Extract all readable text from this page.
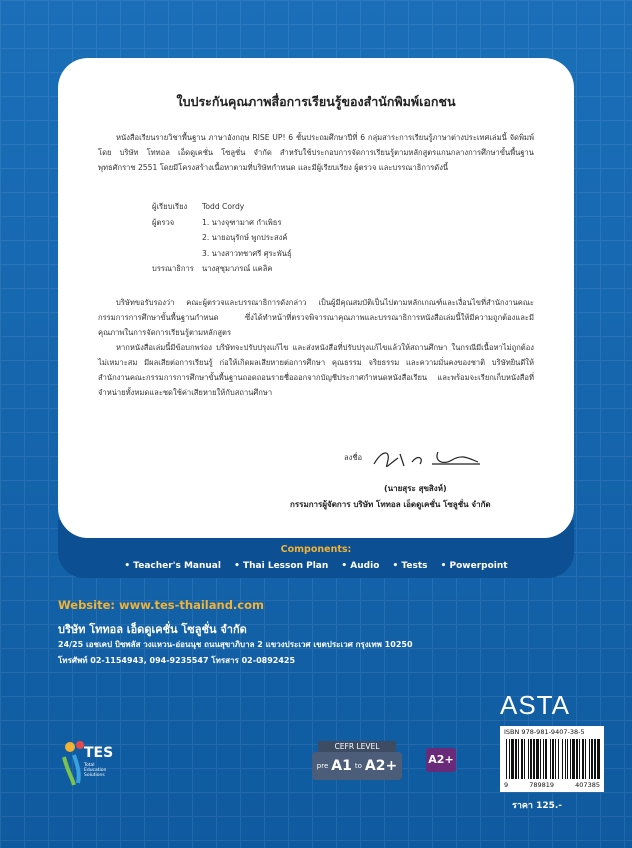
ใบประกันคุณภาพสื่อการเรียนรู้ของสำนักพิมพ์เอกชน

หนังสือเรียนรายวิชาพื้นฐาน ภาษาอังกฤษ RISE UP! 6 ชั้นประถมศึกษาปีที่ 6 กลุ่มสาระการเรียนรู้ภาษาต่างประเทศเล่มนี้ จัดพิมพ์โดย บริษัท โททอล เอ็ดดูเคชั่น โซลูชั่น จำกัด สำหรับใช้ประกอบการจัดการเรียนรู้ตามหลักสูตรแกนกลางการศึกษาขั้นพื้นฐาน พุทธศักราช 2551 โดยมีโครงสร้างเนื้อหาตามที่บริษัทกำหนด และมีผู้เรียบเรียง ผู้ตรวจ และบรรณาธิการดังนี้

ผู้เรียบเรียง	Todd Cordy
ผู้ตรวจ	1. นางจุฑามาศ กำเพิธร
2. นายอนุรักษ์ พูกประสงค์
3. นางสาวทชาศรี ศุระพันธุ์
บรรณาธิการ	นางสุชุมาภรณ์ แคลิค

บริษัทขอรับรองว่า คณะผู้ตรวจและบรรณาธิการดังกล่าว เป็นผู้มีคุณสมบัติเป็นไปตามหลักเกณฑ์และเงื่อนไขที่สำนักงานคณะกรรมการการศึกษาขั้นพื้นฐานกำหนด ซึ่งได้ทำหน้าที่ตรวจพิจารณาคุณภาพและบรรณาธิการหนังสือเล่มนี้ให้มีความถูกต้องและมีคุณภาพในการจัดการเรียนรู้ตามหลักสูตร

หากหนังสือเล่มนี้มีข้อบกพร่อง บริษัทจะปรับปรุงแก้ไข และส่งหนังสือที่ปรับปรุงแก้ไขแล้วให้สถานศึกษา ในกรณีมีเนื้อหาไม่ถูกต้อง ไม่เหมาะสม มีผลเสียต่อการเรียนรู้ ก่อให้เกิดผลเสียหายต่อการศึกษา คุณธรรม จริยธรรม และความมั่นคงของชาติ บริษัทยินดีให้สำนักงานคณะกรรมการการศึกษาขั้นพื้นฐานถอดถอนรายชื่อออกจากบัญชีประกาศกำหนดหนังสือเรียน และพร้อมจะเรียกเก็บหนังสือที่จำหน่ายทั้งหมดและชดใช้ค่าเสียหายให้กับสถานศึกษา

ลงชื่อ
(นายสุระ สุขสิงห์)
กรรมการผู้จัดการ บริษัท โททอล เอ็ดดูเคชั่น โซลูชั่น จำกัด
Components:
• Teacher's Manual • Thai Lesson Plan • Audio • Tests • Powerpoint
Website: www.tes-thailand.com
บริษัท โททอล เอ็ดดูเคชั่น โซลูชั่น จำกัด
24/25 เอชเคป บิซพลัส วงแหวน-อ่อนนุช ถนนสุขาภิบาล 2 แขวงประเวศ เขตประเวศ กรุงเทพ 10250
โทรศัพท์ 02-1154943, 094-9235547 โทรสาร 02-0892425
ASTA
TES
Total Education Solutions
CEFR LEVEL
pre A1 to A2+	A2+
ISBN 978-981-9407-38-5
9	789819	407385
ราคา 125.-
